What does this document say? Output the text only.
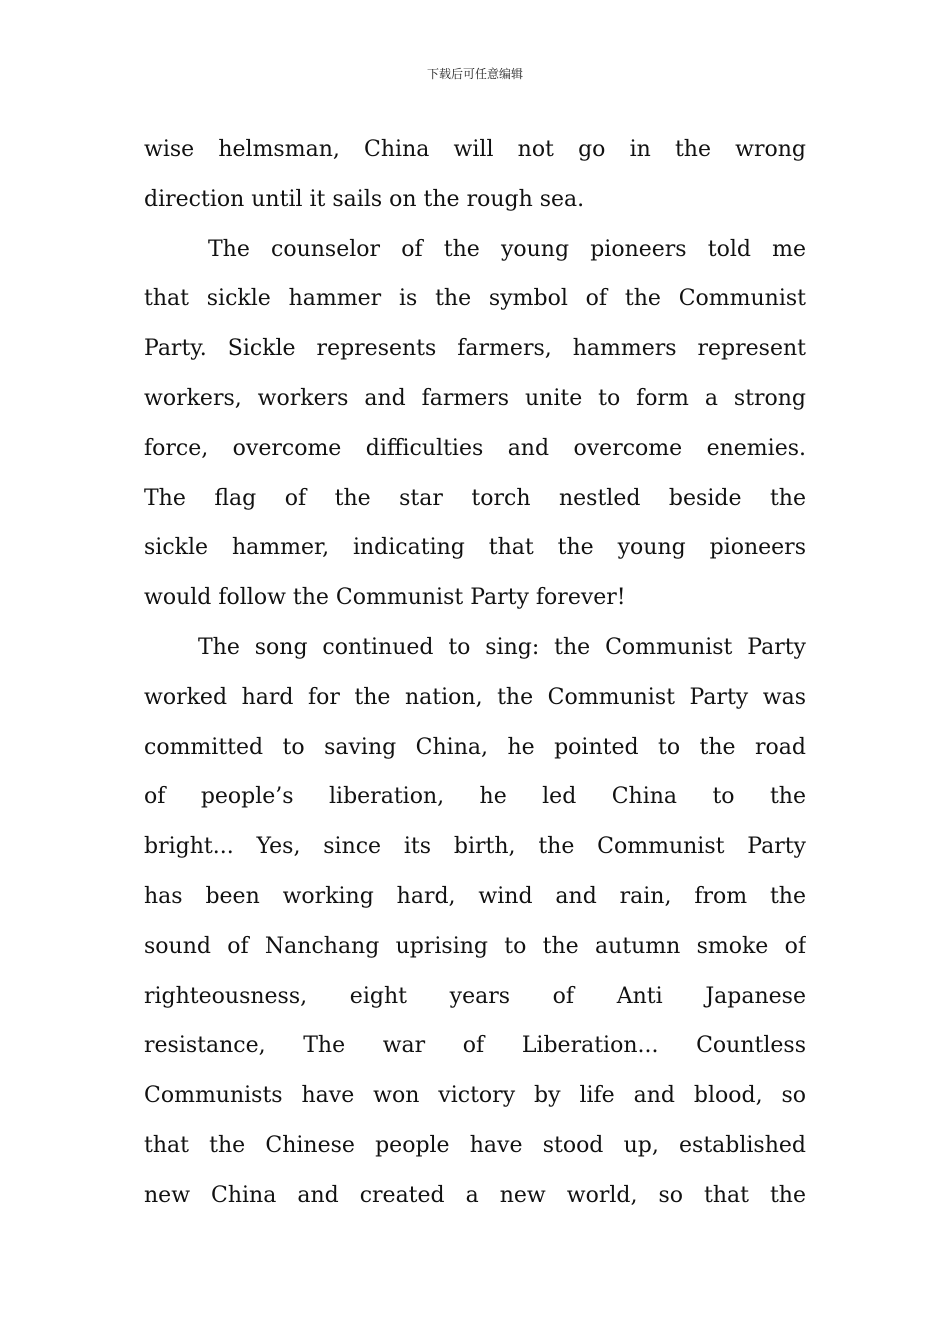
下载后可任意编辑
wise helmsman, China will not go in the wrong
direction until it sails on the rough sea.
The counselor of the young pioneers told me
that sickle hammer is the symbol of the Communist
Party. Sickle represents farmers, hammers represent
workers, workers and farmers unite to form a strong
force, overcome difficulties and overcome enemies.
The flag of the star torch nestled beside the
sickle hammer, indicating that the young pioneers
would follow the Communist Party forever!
The song continued to sing: the Communist Party
worked hard for the nation, the Communist Party was
committed to saving China, he pointed to the road
of people’s liberation, he led China to the
bright... Yes, since its birth, the Communist Party
has been working hard, wind and rain, from the
sound of Nanchang uprising to the autumn smoke of
righteousness, eight years of Anti Japanese
resistance, The war of Liberation... Countless
Communists have won victory by life and blood, so
that the Chinese people have stood up, established
new China and created a new world, so that the
